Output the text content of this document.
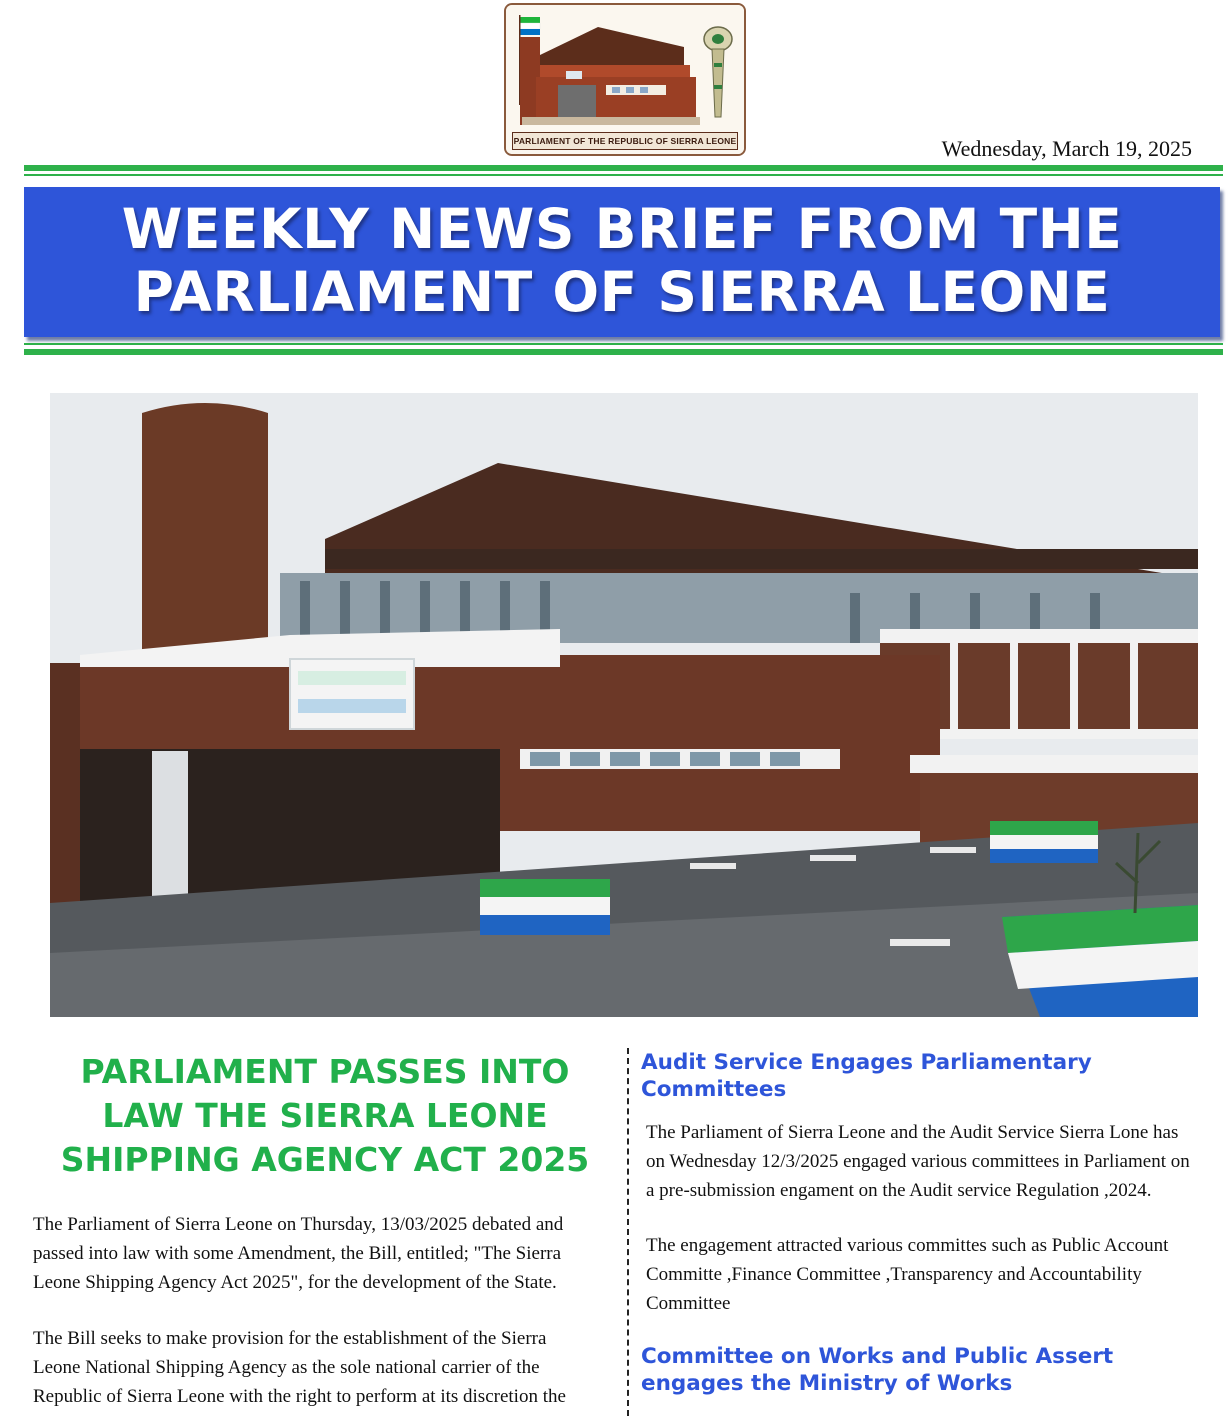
PARLIAMENT OF THE REPUBLIC OF SIERRA LEONE	Wednesday, March 19, 2025
WEEKLY NEWS BRIEF FROM THE
PARLIAMENT OF SIERRA LEONE
PARLIAMENT PASSES INTO
LAW THE SIERRA LEONE
SHIPPING AGENCY ACT 2025
The Parliament of Sierra Leone on Thursday, 13/03/2025 debated and
passed into law with some Amendment, the Bill, entitled; "The Sierra
Leone Shipping Agency Act 2025", for the development of the State.
The Bill seeks to make provision for the establishment of the Sierra
Leone National Shipping Agency as the sole national carrier of the
Republic of Sierra Leone with the right to perform at its discretion the
Audit Service Engages Parliamentary
Committees
The Parliament of Sierra Leone and the Audit Service Sierra Lone has
on Wednesday 12/3/2025 engaged various committees in Parliament on
a pre-submission engament on the Audit service Regulation ,2024.
The engagement attracted various committes such as Public Account
Committe ,Finance Committee ,Transparency and Accountability
Committee
Committee on Works and Public Assert
engages the Ministry of Works
